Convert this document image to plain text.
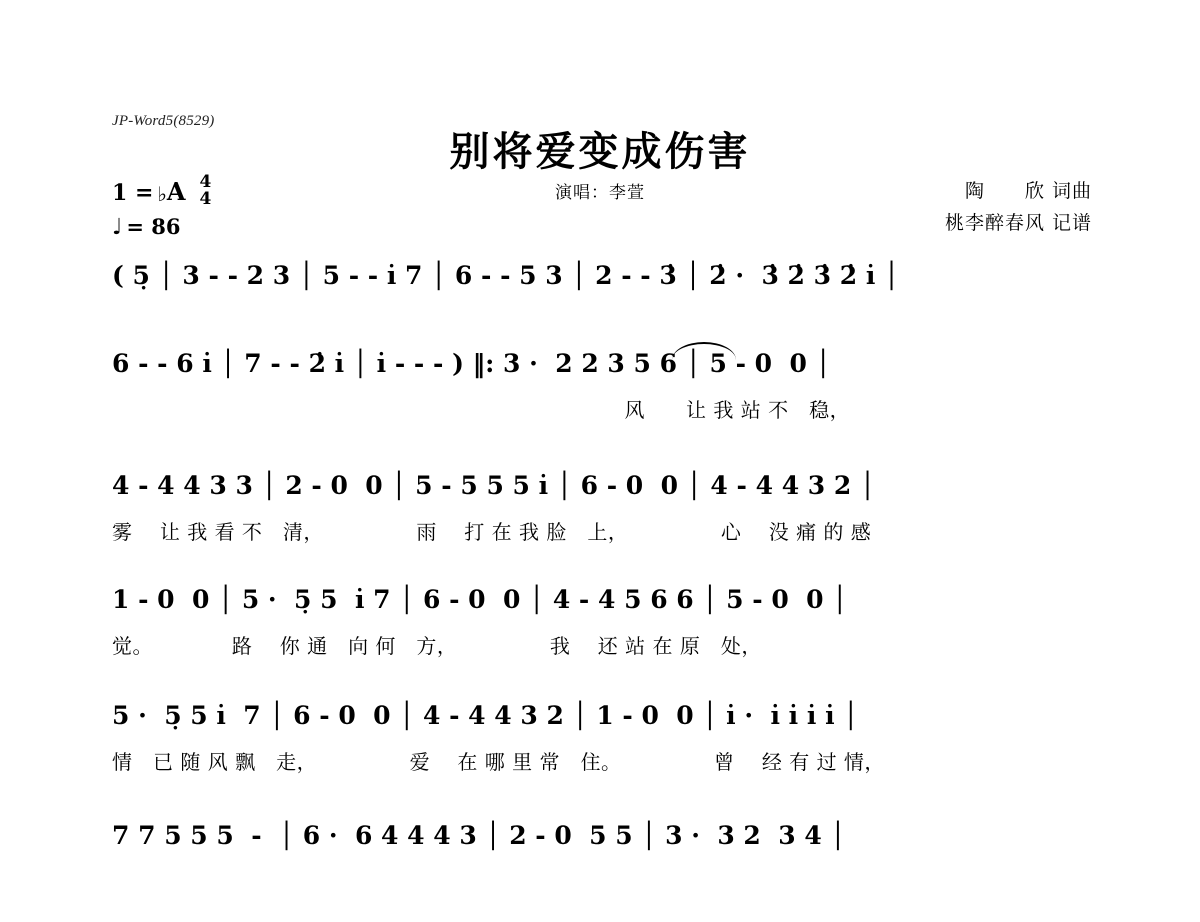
JP-Word5(8529)
别将爱变成伤害
演唱：李萱	陶　　欣 词曲
桃李醉春风 记谱
1 = ♭ A 4
4
♩ = 86
( 5̣ │ 3 - - 2 3 │ 5 - - i̇ 7 │ 6 - - 5 3 │ 2 - - 3̇ │ 2̇ ·  3̇ 2̇ 3̇ 2̇ i̇ │
6 - - 6 i̇ │ 7 - - 2̇ i̇ │ i̇ - - - ) ‖: 3 ·  2 2 3 5 6 │ 5 - 0  0 │
　　　　　　　　　　　　　　　　　　　　　　　　　风　　让 我 站 不　稳，
4 - 4 4 3 3 │ 2 - 0  0 │ 5 - 5 5 5 i̇ │ 6 - 0  0 │ 4 - 4 4 3 2 │
雾　 让 我 看 不　清，　　　　　雨　 打 在 我 脸　上，　　　　　心　 没 痛 的 感
1 - 0  0 │ 5 ·  5̣ 5  i̇ 7 │ 6 - 0  0 │ 4 - 4 5 6 6 │ 5 - 0  0 │
觉。　　　　 路　 你 通　向 何　方，　　　　　我　 还 站 在 原　处，
5 ·  5̣ 5 i̇  7 │ 6 - 0  0 │ 4 - 4 4 3 2 │ 1 - 0  0 │ i̇ ·  i̇ i̇ i̇ i̇ │
情　已 随 风 飘　走，　　　　　爱　 在 哪 里 常　住。　　　　　曾　 经 有 过 情，
7 7 5 5 5  -  │ 6 ·  6 4 4 4 3 │ 2 - 0  5 5 │ 3 ·  3 2  3 4 │
